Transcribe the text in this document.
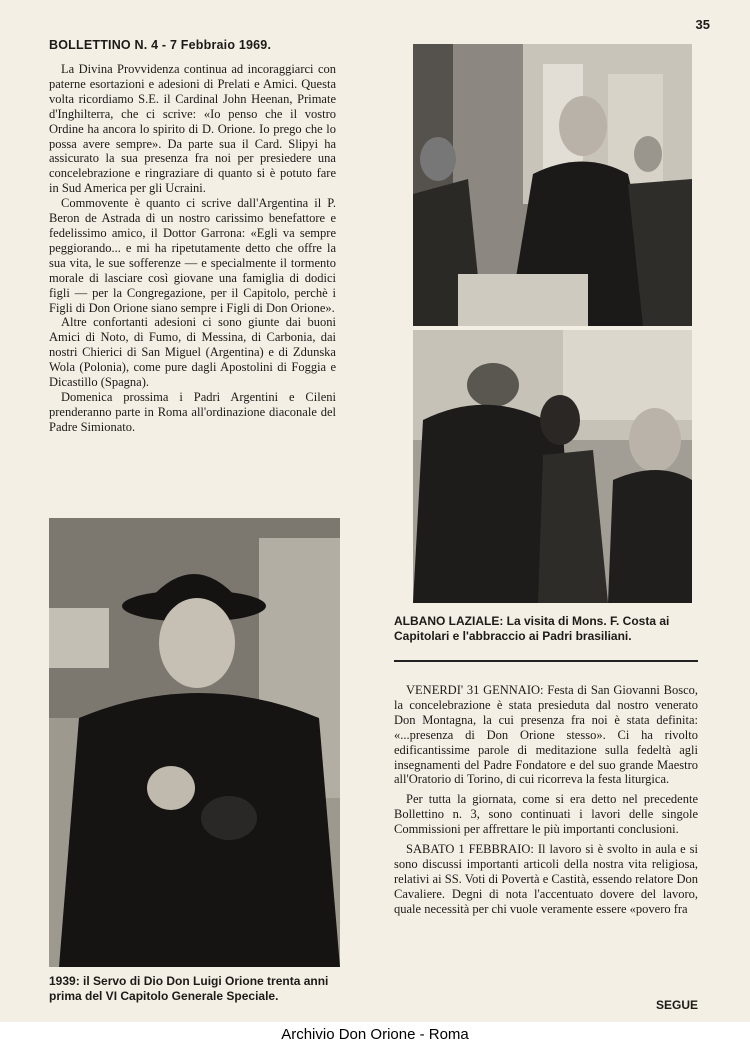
35
BOLLETTINO N. 4 - 7 Febbraio 1969.

La Divina Provvidenza continua ad incoraggiarci con paterne esortazioni e adesioni di Prelati e Amici. Questa volta ricordiamo S.E. il Cardinal John Heenan, Primate d'Inghilterra, che ci scrive: «Io penso che il vostro Ordine ha ancora lo spirito di D. Orione. Io prego che lo possa avere sempre». Da parte sua il Card. Slipyi ha assicurato la sua presenza fra noi per presiedere una concelebrazione e ringraziare di quanto si è potuto fare in Sud America per gli Ucraini.

Commovente è quanto ci scrive dall'Argentina il P. Beron de Astrada di un nostro carissimo benefattore e fedelissimo amico, il Dottor Garrona: «Egli va sempre peggiorando... e mi ha ripetutamente detto che offre la sua vita, le sue sofferenze — e specialmente il tormento morale di lasciare così giovane una famiglia di dodici figli — per la Congregazione, per il Capitolo, perchè i Figli di Don Orione siano sempre i Figli di Don Orione».

Altre confortanti adesioni ci sono giunte dai buoni Amici di Noto, di Fumo, di Messina, di Carbonia, dai nostri Chierici di San Miguel (Argentina) e di Zdunska Wola (Polonia), come pure dagli Apostolini di Foggia e Dicastillo (Spagna).

Domenica prossima i Padri Argentini e Cileni prenderanno parte in Roma all'ordinazione diaconale del Padre Simionato.

ALBANO LAZIALE: La visita di Mons. F. Costa ai Capitolari e l'abbraccio ai Padri brasiliani.
1939: il Servo di Dio Don Luigi Orione trenta anni prima del VI Capitolo Generale Speciale.

VENERDI' 31 GENNAIO: Festa di San Giovanni Bosco, la concelebrazione è stata presieduta dal nostro venerato Don Montagna, la cui presenza fra noi è stata definita: «...presenza di Don Orione stesso». Ci ha rivolto edificantissime parole di meditazione sulla fedeltà agli insegnamenti del Padre Fondatore e del suo grande Maestro all'Oratorio di Torino, di cui ricorreva la festa liturgica.

Per tutta la giornata, come si era detto nel precedente Bollettino n. 3, sono continuati i lavori delle singole Commissioni per affrettare le più importanti conclusioni.

SABATO 1 FEBBRAIO: Il lavoro si è svolto in aula e si sono discussi importanti articoli della nostra vita religiosa, relativi ai SS. Voti di Povertà e Castità, essendo relatore Don Cavaliere. Degni di nota l'accentuato dovere del lavoro, quale necessità per chi vuole veramente essere «povero fra

SEGUE
Archivio Don Orione - Roma
